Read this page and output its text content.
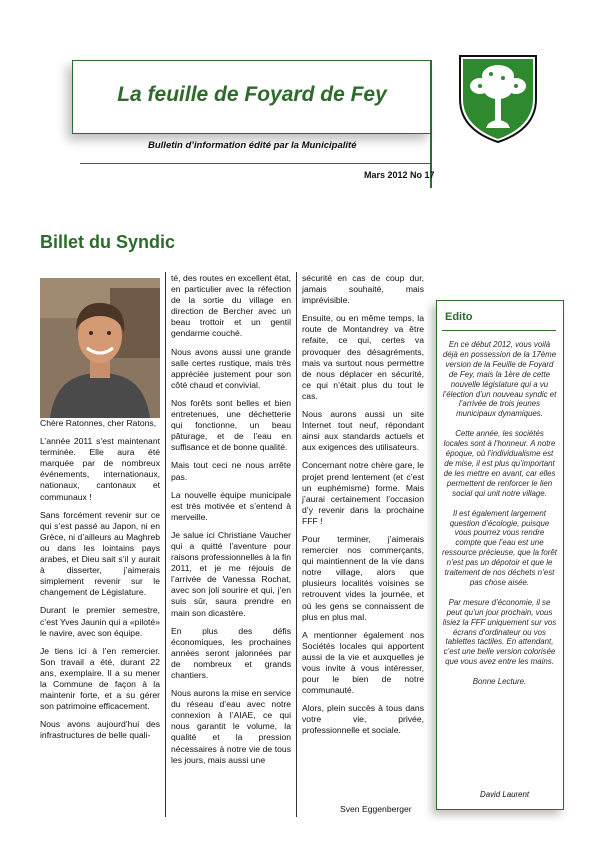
La feuille de Foyard de Fey
Bulletin d’information édité par la Municipalité
Mars 2012 No 17
Billet du Syndic

Chère Ratonnes, cher Ratons,

L’année 2011 s’est maintenant terminée. Elle aura été marquée par de nombreux événements, internationaux, nationaux, cantonaux et communaux !

Sans forcément revenir sur ce qui s’est passé au Japon, ni en Grèce, ni d’ailleurs au Maghreb ou dans les lointains pays arabes, et Dieu sait s’il y aurait à disserter, j’aimerais simplement revenir sur le changement de Législature.

Durant le premier semestre, c’est Yves Jaunin qui a «piloté» le navire, avec son équipe.

Je tiens ici à l’en remercier. Son travail a été, durant 22 ans, exemplaire. Il a su mener la Commune de façon à la maintenir forte, et a su gérer son patrimoine efficacement.

Nous avons aujourd’hui des infrastructures de belle quali-

té, des routes en excellent état, en particulier avec la réfection de la sortie du village en direction de Bercher avec un beau trottoir et un gentil gendarme couché.

Nous avons aussi une grande salle certes rustique, mais très appréciée justement pour son côté chaud et convivial.

Nos forêts sont belles et bien entretenues, une déchetterie qui fonctionne, un beau pâturage, et de l’eau en suffisance et de bonne qualité.

Mais tout ceci ne nous arrête pas.

La nouvelle équipe municipale est très motivée et s’entend à merveille.

Je salue ici Christiane Vaucher qui a quitté l’aventure pour raisons professionnelles à la fin 2011, et je me réjouis de l’arrivée de Vanessa Rochat, avec son joli sourire et qui, j’en suis sûr, saura prendre en main son dicastère.

En plus des défis économiques, les prochaines années seront jalonnées par de nombreux et grands chantiers.

Nous aurons la mise en service du réseau d’eau avec notre connexion à l’AIAE, ce qui nous garantit le volume, la qualité et la pression nécessaires à notre vie de tous les jours, mais aussi une

sécurité en cas de coup dur, jamais souhaité, mais imprévisible.

Ensuite, ou en même temps, la route de Montandrey va être refaite, ce qui, certes va provoquer des désagréments, mais va surtout nous permettre de nous déplacer en sécurité, ce qui n’était plus du tout le cas.

Nous aurons aussi un site Internet tout neuf, répondant ainsi aux standards actuels et aux exigences des utilisateurs.

Concernant notre chère gare, le projet prend lentement (et c’est un euphémisme) forme. Mais j’aurai certainement l’occasion d’y revenir dans la prochaine FFF !

Pour terminer, j’aimerais remercier nos commerçants, qui maintiennent de la vie dans notre village, alors que plusieurs localités voisines se retrouvent vides la journée, et où les gens se connaissent de plus en plus mal.

A mentionner également nos Sociétés locales qui apportent aussi de la vie et auxquelles je vous invite à vous intéresser, pour le bien de notre communauté.

Alors, plein succès à tous dans votre vie, privée, professionnelle et sociale.

Sven Eggenberger
Edito

En ce début 2012, vous voilà déjà en possession de la 17ème version de la Feuille de Foyard de Fey, mais la 1ère de cette nouvelle législature qui a vu l’élection d’un nouveau syndic et l’arrivée de trois jeunes municipaux dynamiques.

Cette année, les sociétés locales sont à l’honneur. A notre époque, où l’individualisme est de mise, il est plus qu’important de les mettre en avant, car elles permettent de renforcer le lien social qui unit notre village.

Il est également largement question d’écologie, puisque vous pourrez vous rendre compte que l’eau est une ressource précieuse, que la forêt n’est pas un dépotoir et que le traitement de nos déchets n’est pas chose aisée.

Par mesure d’économie, il se peut qu’un jour prochain, vous lisiez la FFF uniquement sur vos écrans d’ordinateur ou vos tablettes tactiles. En attendant, c’est une belle version colorisée que vous avez entre les mains.

Bonne Lecture.

David Laurent
